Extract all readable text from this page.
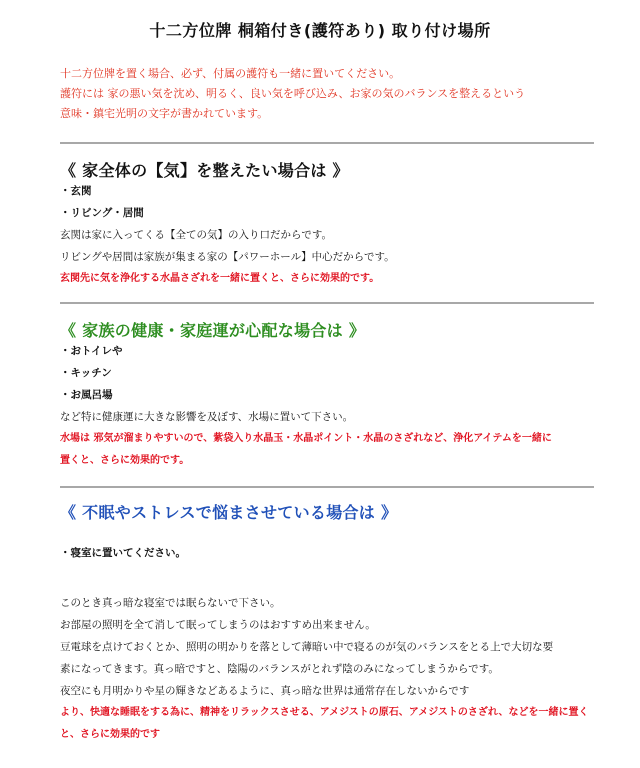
十二方位牌 桐箱付き(護符あり) 取り付け場所
十二方位牌を置く場合、必ず、付属の護符も一緒に置いてください。
護符には 家の悪い気を沈め、明るく、良い気を呼び込み、お家の気のバランスを整えるという
意味・鎮宅光明の文字が書かれています。
《 家全体の【気】を整えたい場合は 》
・玄関
・リビング・居間
玄関は家に入ってくる【全ての気】の入り口だからです。
リビングや居間は家族が集まる家の【パワーホール】中心だからです。
玄関先に気を浄化する水晶さざれを一緒に置くと、さらに効果的です。
《 家族の健康・家庭運が心配な場合は 》
・おトイレや
・キッチン
・お風呂場
など特に健康運に大きな影響を及ぼす、水場に置いて下さい。
水場は 邪気が溜まりやすいので、紫袋入り水晶玉・水晶ポイント・水晶のさざれなど、浄化アイテムを一緒に
置くと、さらに効果的です。
《 不眠やストレスで悩まさせている場合は 》
・寝室に置いてください。
このとき真っ暗な寝室では眠らないで下さい。
お部屋の照明を全て消して眠ってしまうのはおすすめ出来ません。
豆電球を点けておくとか、照明の明かりを落として薄暗い中で寝るのが気のバランスをとる上で大切な要
素になってきます。真っ暗ですと、陰陽のバランスがとれず陰のみになってしまうからです。
夜空にも月明かりや星の輝きなどあるように、真っ暗な世界は通常存在しないからです
より、快適な睡眠をする為に、精神をリラックスさせる、アメジストの原石、アメジストのさざれ、などを一緒に置く
と、さらに効果的です
